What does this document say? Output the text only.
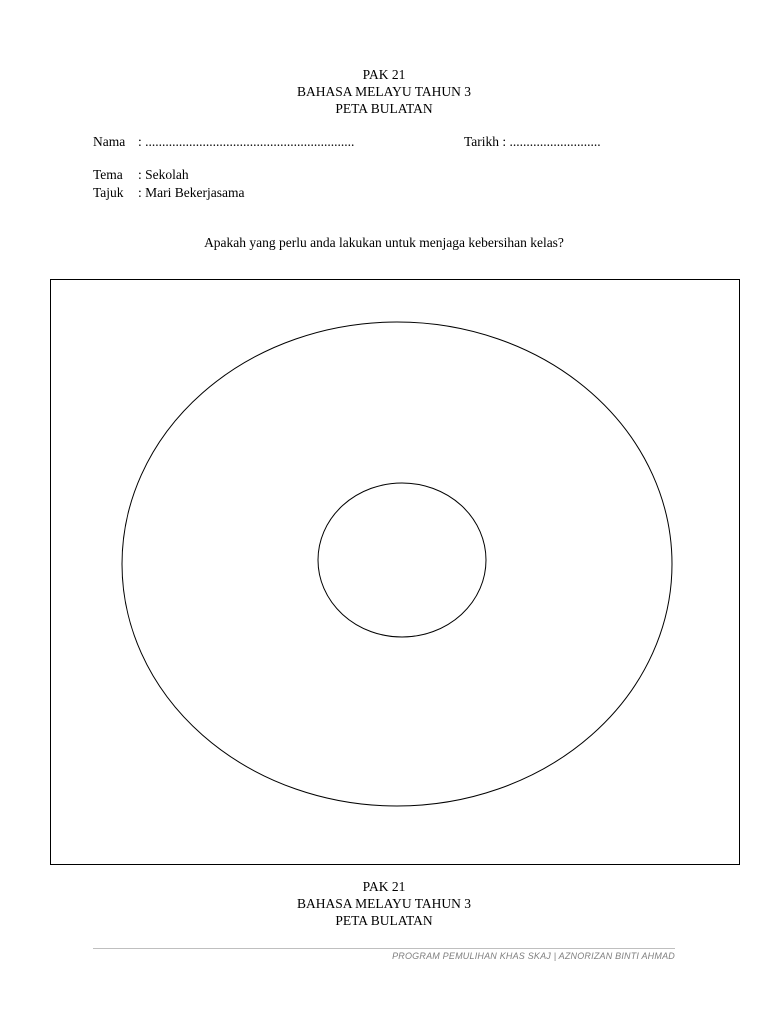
PAK 21
BAHASA MELAYU TAHUN 3
PETA BULATAN
Nama : ..............................................................	Tarikh : ...........................
Tema : Sekolah
Tajuk : Mari Bekerjasama
Apakah yang perlu anda lakukan untuk menjaga kebersihan kelas?
PAK 21
BAHASA MELAYU TAHUN 3
PETA BULATAN
PROGRAM PEMULIHAN KHAS SKAJ | AZNORIZAN BINTI AHMAD
